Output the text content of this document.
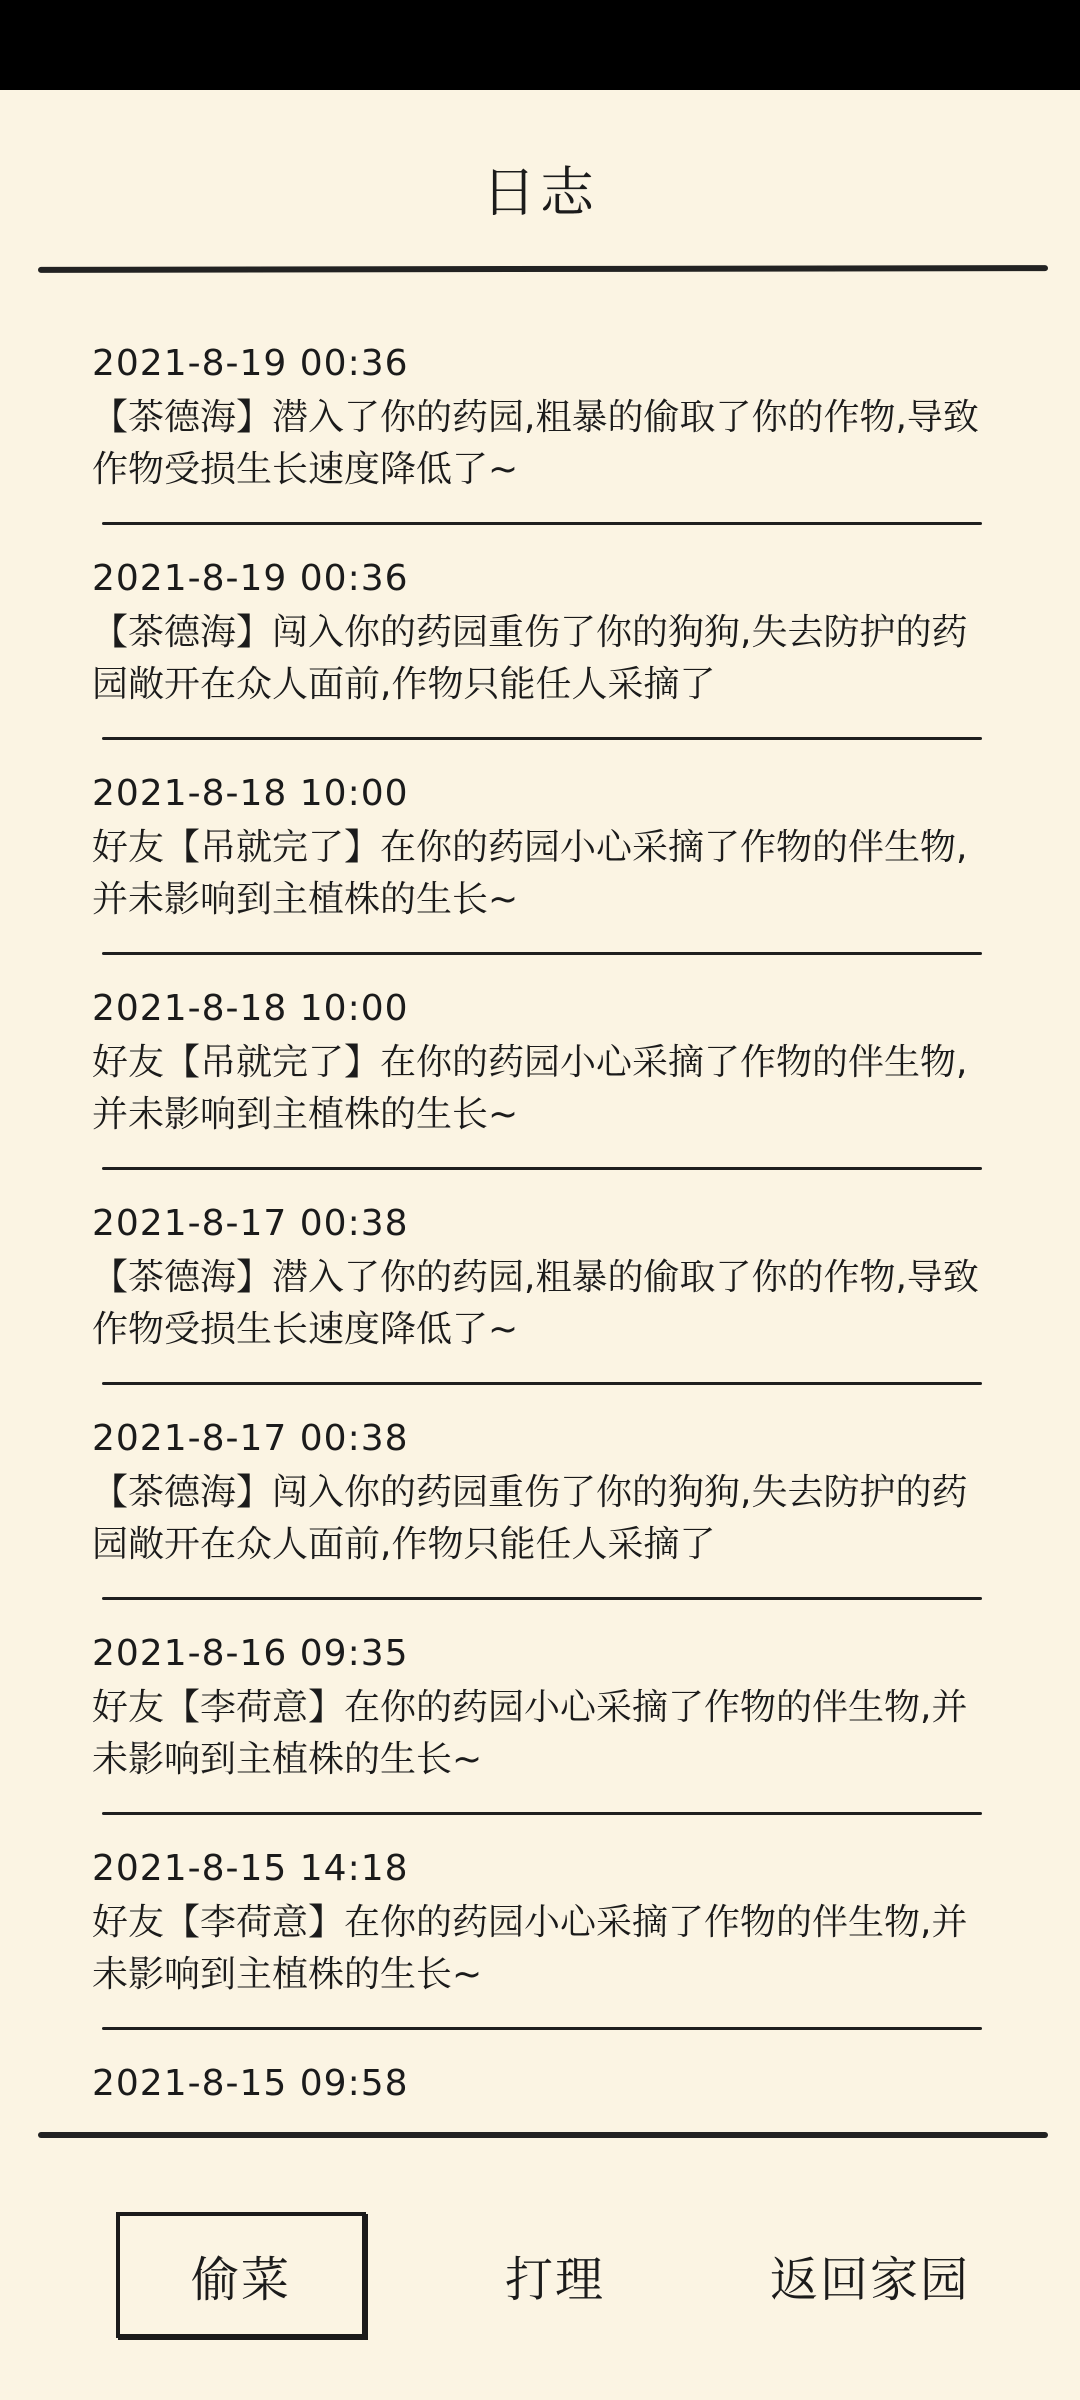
日志
2021-8-19 00:36
【茶德海】潜入了你的药园,粗暴的偷取了你的作物,导致作物受损生长速度降低了~
2021-8-19 00:36
【茶德海】闯入你的药园重伤了你的狗狗,失去防护的药园敞开在众人面前,作物只能任人采摘了
2021-8-18 10:00
好友【吊就完了】在你的药园小心采摘了作物的伴生物,并未影响到主植株的生长~
2021-8-18 10:00
好友【吊就完了】在你的药园小心采摘了作物的伴生物,并未影响到主植株的生长~
2021-8-17 00:38
【茶德海】潜入了你的药园,粗暴的偷取了你的作物,导致作物受损生长速度降低了~
2021-8-17 00:38
【茶德海】闯入你的药园重伤了你的狗狗,失去防护的药园敞开在众人面前,作物只能任人采摘了
2021-8-16 09:35
好友【李荷意】在你的药园小心采摘了作物的伴生物,并未影响到主植株的生长~
2021-8-15 14:18
好友【李荷意】在你的药园小心采摘了作物的伴生物,并未影响到主植株的生长~
2021-8-15 09:58
偷菜	打理	返回家园
